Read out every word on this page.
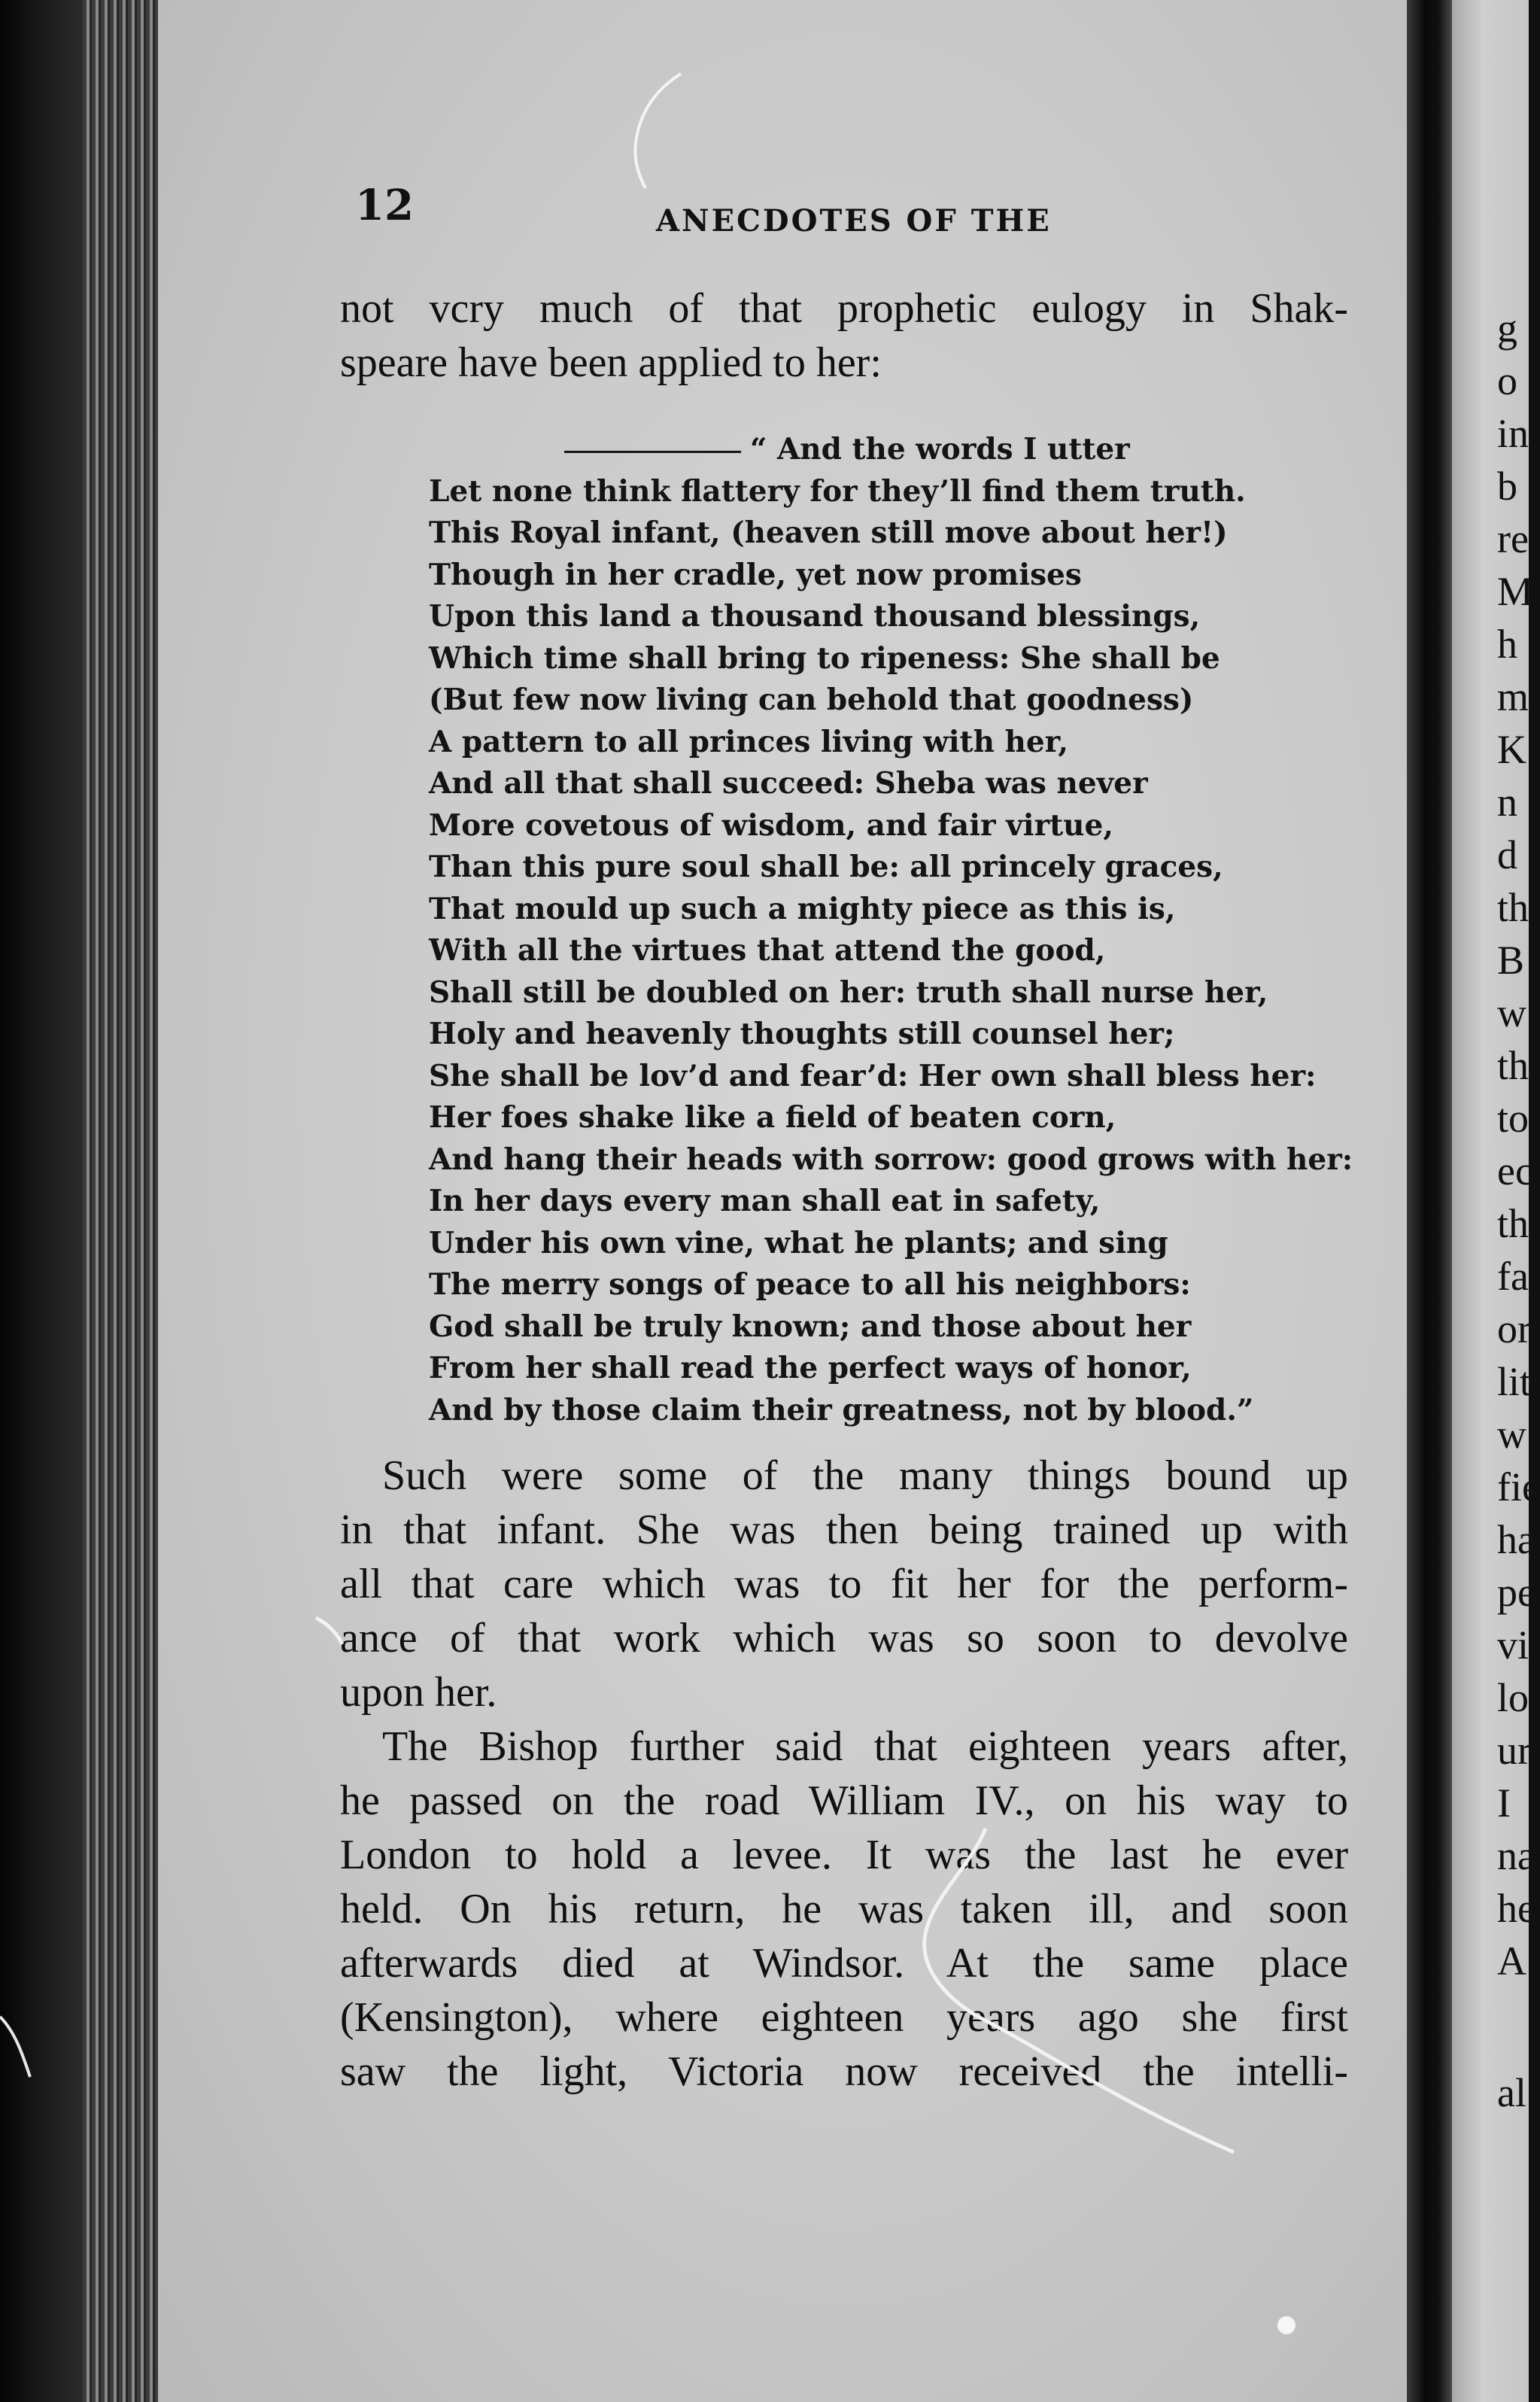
12	ANECDOTES OF THE
not vcry much of that prophetic eulogy in Shak-
speare have been applied to her:
“ And the words I utter
Let none think flattery for they’ll find them truth.
This Royal infant, (heaven still move about her!)
Though in her cradle, yet now promises
Upon this land a thousand thousand blessings,
Which time shall bring to ripeness: She shall be
(But few now living can behold that goodness)
A pattern to all princes living with her,
And all that shall succeed: Sheba was never
More covetous of wisdom, and fair virtue,
Than this pure soul shall be: all princely graces,
That mould up such a mighty piece as this is,
With all the virtues that attend the good,
Shall still be doubled on her: truth shall nurse her,
Holy and heavenly thoughts still counsel her;
She shall be lov’d and fear’d: Her own shall bless her:
Her foes shake like a field of beaten corn,
And hang their heads with sorrow: good grows with her:
In her days every man shall eat in safety,
Under his own vine, what he plants; and sing
The merry songs of peace to all his neighbors:
God shall be truly known; and those about her
From her shall read the perfect ways of honor,
And by those claim their greatness, not by blood.”
Such were some of the many things bound up
in that infant. She was then being trained up with
all that care which was to fit her for the perform-
ance of that work which was so soon to devolve
upon her.
The Bishop further said that eighteen years after,
he passed on the road William IV., on his way to
London to hold a levee. It was the last he ever
held. On his return, he was taken ill, and soon
afterwards died at Windsor. At the same place
(Kensington), where eighteen years ago she first
saw the light, Victoria now received the intelli-
g
o
in
b
re
M
h
m
K
n
d
th
B
w
th
to
ec
th
fa
or
lit
w
fie
ha
pe
vi
lo
ur
I
na
he
A
al
